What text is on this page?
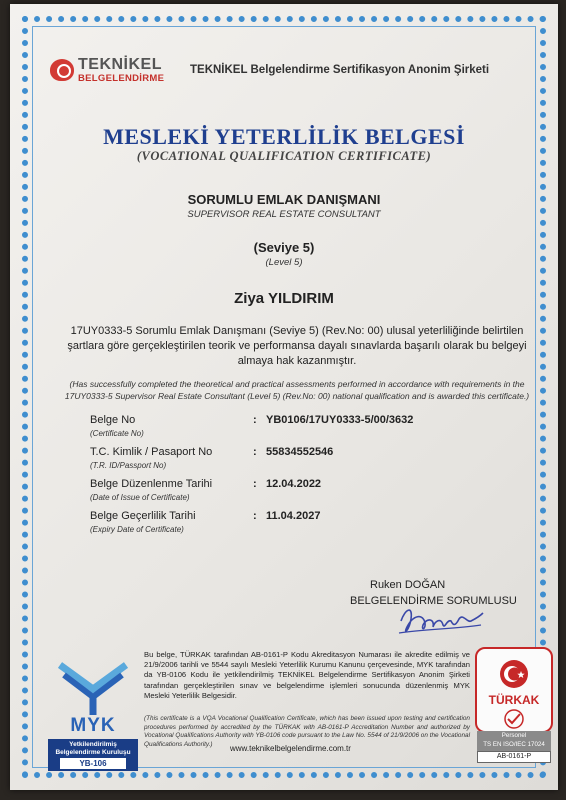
TEKNİKEL
BELGELENDİRME
TEKNİKEL Belgelendirme Sertifikasyon Anonim Şirketi
MESLEKİ YETERLİLİK BELGESİ
(VOCATIONAL QUALIFICATION CERTIFICATE)
SORUMLU EMLAK DANIŞMANI
SUPERVISOR REAL ESTATE CONSULTANT
(Seviye 5)
(Level 5)
Ziya YILDIRIM
17UY0333-5 Sorumlu Emlak Danışmanı (Seviye 5) (Rev.No: 00) ulusal yeterliliğinde belirtilen şartlara göre gerçekleştirilen teorik ve performansa dayalı sınavlarda başarılı olarak bu belgeyi almaya hak kazanmıştır.
(Has successfully completed the theoretical and practical assessments performed in accordance with requirements in the 17UY0333-5 Supervisor Real Estate Consultant (Level 5) (Rev.No: 00) national qualification and is awarded this certificate.)
Belge No
(Certificate No)
: YB0106/17UY0333-5/00/3632
T.C. Kimlik / Pasaport No
(T.R. ID/Passport No)
: 55834552546
Belge Düzenlenme Tarihi
(Date of Issue of Certificate)
: 12.04.2022
Belge Geçerlilik Tarihi
(Expiry Date of Certificate)
: 11.04.2027
Ruken DOĞAN
BELGELENDİRME SORUMLUSU
MYK
Yetkilendirilmiş
Belgelendirme Kuruluşu
YB-106
Bu belge, TÜRKAK tarafından AB-0161-P Kodu Akreditasyon Numarası ile akredite edilmiş ve 21/9/2006 tarihli ve 5544 sayılı Mesleki Yeterlilik Kurumu Kanunu çerçevesinde, MYK tarafından da YB-0106 Kodu ile yetkilendirilmiş TEKNİKEL Belgelendirme Sertifikasyon Anonim Şirketi tarafından gerçekleştirilen sınav ve belgelendirme işlemleri sonucunda düzenlenmiş MYK Mesleki Yeterlilik Belgesidir.
(This certificate is a VQA Vocational Qualification Certificate, which has been issued upon testing and certification procedures performed by accredited by the TÜRKAK with AB-0161-P Accreditation Number and authorized by Vocational Qualifications Authority with YB-0106 code pursuant to the Law No. 5544 of 21/9/2006 on the Vocational Qualifications Authority.)	www.teknikelbelgelendirme.com.tr
TÜRKAK
Personel
TS EN ISO/IEC 17024
AB-0161-P
